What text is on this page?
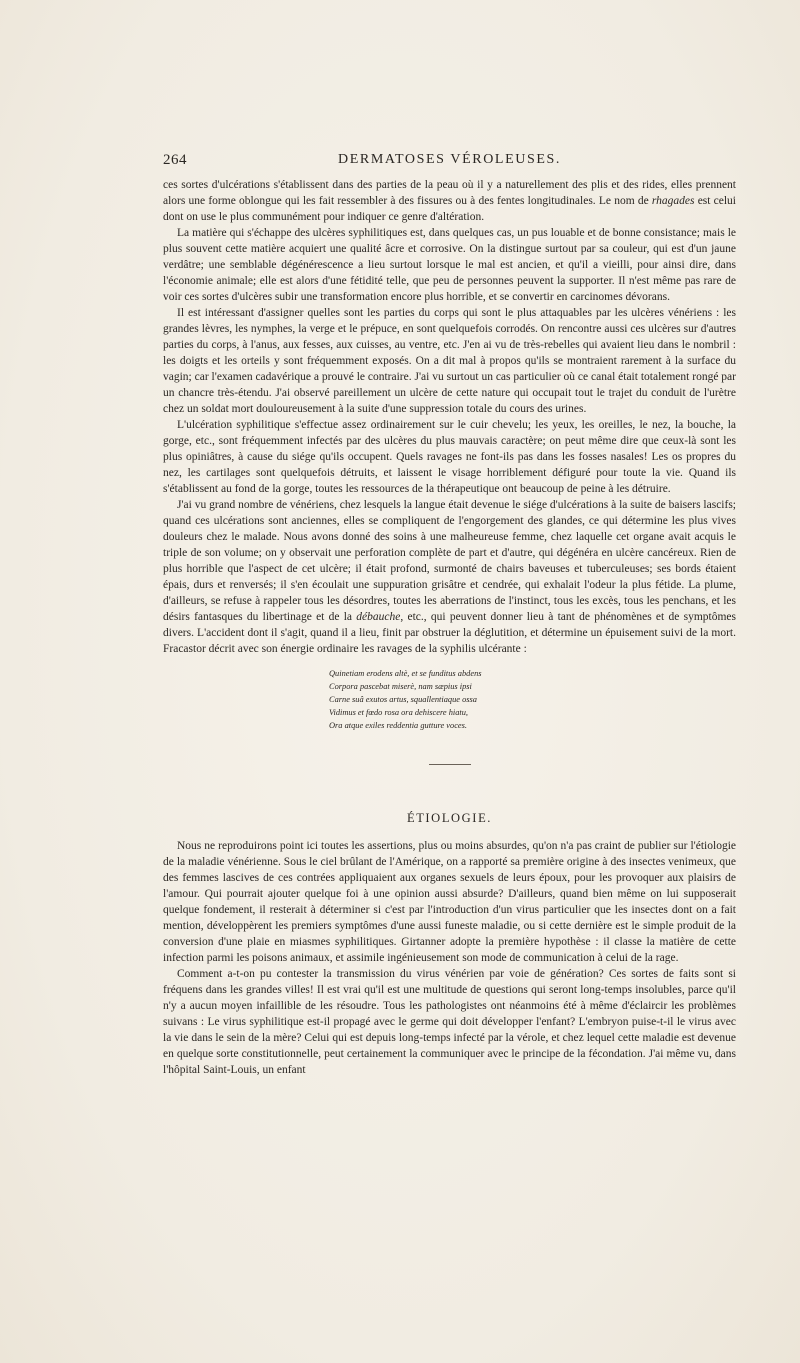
264	DERMATOSES VÉROLEUSES.

ces sortes d'ulcérations s'établissent dans des parties de la peau où il y a naturellement des plis et des rides, elles prennent alors une forme oblongue qui les fait ressembler à des fissures ou à des fentes longitudinales. Le nom de rhagades est celui dont on use le plus communément pour indiquer ce genre d'altération.

La matière qui s'échappe des ulcères syphilitiques est, dans quelques cas, un pus louable et de bonne consistance; mais le plus souvent cette matière acquiert une qualité âcre et corrosive. On la distingue surtout par sa couleur, qui est d'un jaune verdâtre; une semblable dégénérescence a lieu surtout lorsque le mal est ancien, et qu'il a vieilli, pour ainsi dire, dans l'économie animale; elle est alors d'une fétidité telle, que peu de personnes peuvent la supporter. Il n'est même pas rare de voir ces sortes d'ulcères subir une transformation encore plus horrible, et se convertir en carcinomes dévorans.

Il est intéressant d'assigner quelles sont les parties du corps qui sont le plus attaquables par les ulcères vénériens : les grandes lèvres, les nymphes, la verge et le prépuce, en sont quelquefois corrodés. On rencontre aussi ces ulcères sur d'autres parties du corps, à l'anus, aux fesses, aux cuisses, au ventre, etc. J'en ai vu de très-rebelles qui avaient lieu dans le nombril : les doigts et les orteils y sont fréquemment exposés. On a dit mal à propos qu'ils se montraient rarement à la surface du vagin; car l'examen cadavérique a prouvé le contraire. J'ai vu surtout un cas particulier où ce canal était totalement rongé par un chancre très-étendu. J'ai observé pareillement un ulcère de cette nature qui occupait tout le trajet du conduit de l'urètre chez un soldat mort douloureusement à la suite d'une suppression totale du cours des urines.

L'ulcération syphilitique s'effectue assez ordinairement sur le cuir chevelu; les yeux, les oreilles, le nez, la bouche, la gorge, etc., sont fréquemment infectés par des ulcères du plus mauvais caractère; on peut même dire que ceux-là sont les plus opiniâtres, à cause du siége qu'ils occupent. Quels ravages ne font-ils pas dans les fosses nasales! Les os propres du nez, les cartilages sont quelquefois détruits, et laissent le visage horriblement défiguré pour toute la vie. Quand ils s'établissent au fond de la gorge, toutes les ressources de la thérapeutique ont beaucoup de peine à les détruire.

J'ai vu grand nombre de vénériens, chez lesquels la langue était devenue le siége d'ulcérations à la suite de baisers lascifs; quand ces ulcérations sont anciennes, elles se compliquent de l'engorgement des glandes, ce qui détermine les plus vives douleurs chez le malade. Nous avons donné des soins à une malheureuse femme, chez laquelle cet organe avait acquis le triple de son volume; on y observait une perforation complète de part et d'autre, qui dégénéra en ulcère cancéreux. Rien de plus horrible que l'aspect de cet ulcère; il était profond, surmonté de chairs baveuses et tuberculeuses; ses bords étaient épais, durs et renversés; il s'en écoulait une suppuration grisâtre et cendrée, qui exhalait l'odeur la plus fétide. La plume, d'ailleurs, se refuse à rappeler tous les désordres, toutes les aberrations de l'instinct, tous les excès, tous les penchans, et les désirs fantasques du libertinage et de la débauche, etc., qui peuvent donner lieu à tant de phénomènes et de symptômes divers. L'accident dont il s'agit, quand il a lieu, finit par obstruer la déglutition, et détermine un épuisement suivi de la mort. Fracastor décrit avec son énergie ordinaire les ravages de la syphilis ulcérante :

Quinetiam erodens altè, et se funditus abdens
Corpora pascebat miserè, nam sæpius ipsi
Carne suâ exutos artus, squallentiaque ossa
Vidimus et fœdo rosa ora dehiscere hiatu,
Ora atque exiles reddentia gutture voces.
ÉTIOLOGIE.

Nous ne reproduirons point ici toutes les assertions, plus ou moins absurdes, qu'on n'a pas craint de publier sur l'étiologie de la maladie vénérienne. Sous le ciel brûlant de l'Amérique, on a rapporté sa première origine à des insectes venimeux, que des femmes lascives de ces contrées appliquaient aux organes sexuels de leurs époux, pour les provoquer aux plaisirs de l'amour. Qui pourrait ajouter quelque foi à une opinion aussi absurde? D'ailleurs, quand bien même on lui supposerait quelque fondement, il resterait à déterminer si c'est par l'introduction d'un virus particulier que les insectes dont on a fait mention, développèrent les premiers symptômes d'une aussi funeste maladie, ou si cette dernière est le simple produit de la conversion d'une plaie en miasmes syphilitiques. Girtanner adopte la première hypothèse : il classe la matière de cette infection parmi les poisons animaux, et assimile ingénieusement son mode de communication à celui de la rage.

Comment a-t-on pu contester la transmission du virus vénérien par voie de génération? Ces sortes de faits sont si fréquens dans les grandes villes! Il est vrai qu'il est une multitude de questions qui seront long-temps insolubles, parce qu'il n'y a aucun moyen infaillible de les résoudre. Tous les pathologistes ont néanmoins été à même d'éclaircir les problèmes suivans : Le virus syphilitique est-il propagé avec le germe qui doit développer l'enfant? L'embryon puise-t-il le virus avec la vie dans le sein de la mère? Celui qui est depuis long-temps infecté par la vérole, et chez lequel cette maladie est devenue en quelque sorte constitutionnelle, peut certainement la communiquer avec le principe de la fécondation. J'ai même vu, dans l'hôpital Saint-Louis, un enfant
